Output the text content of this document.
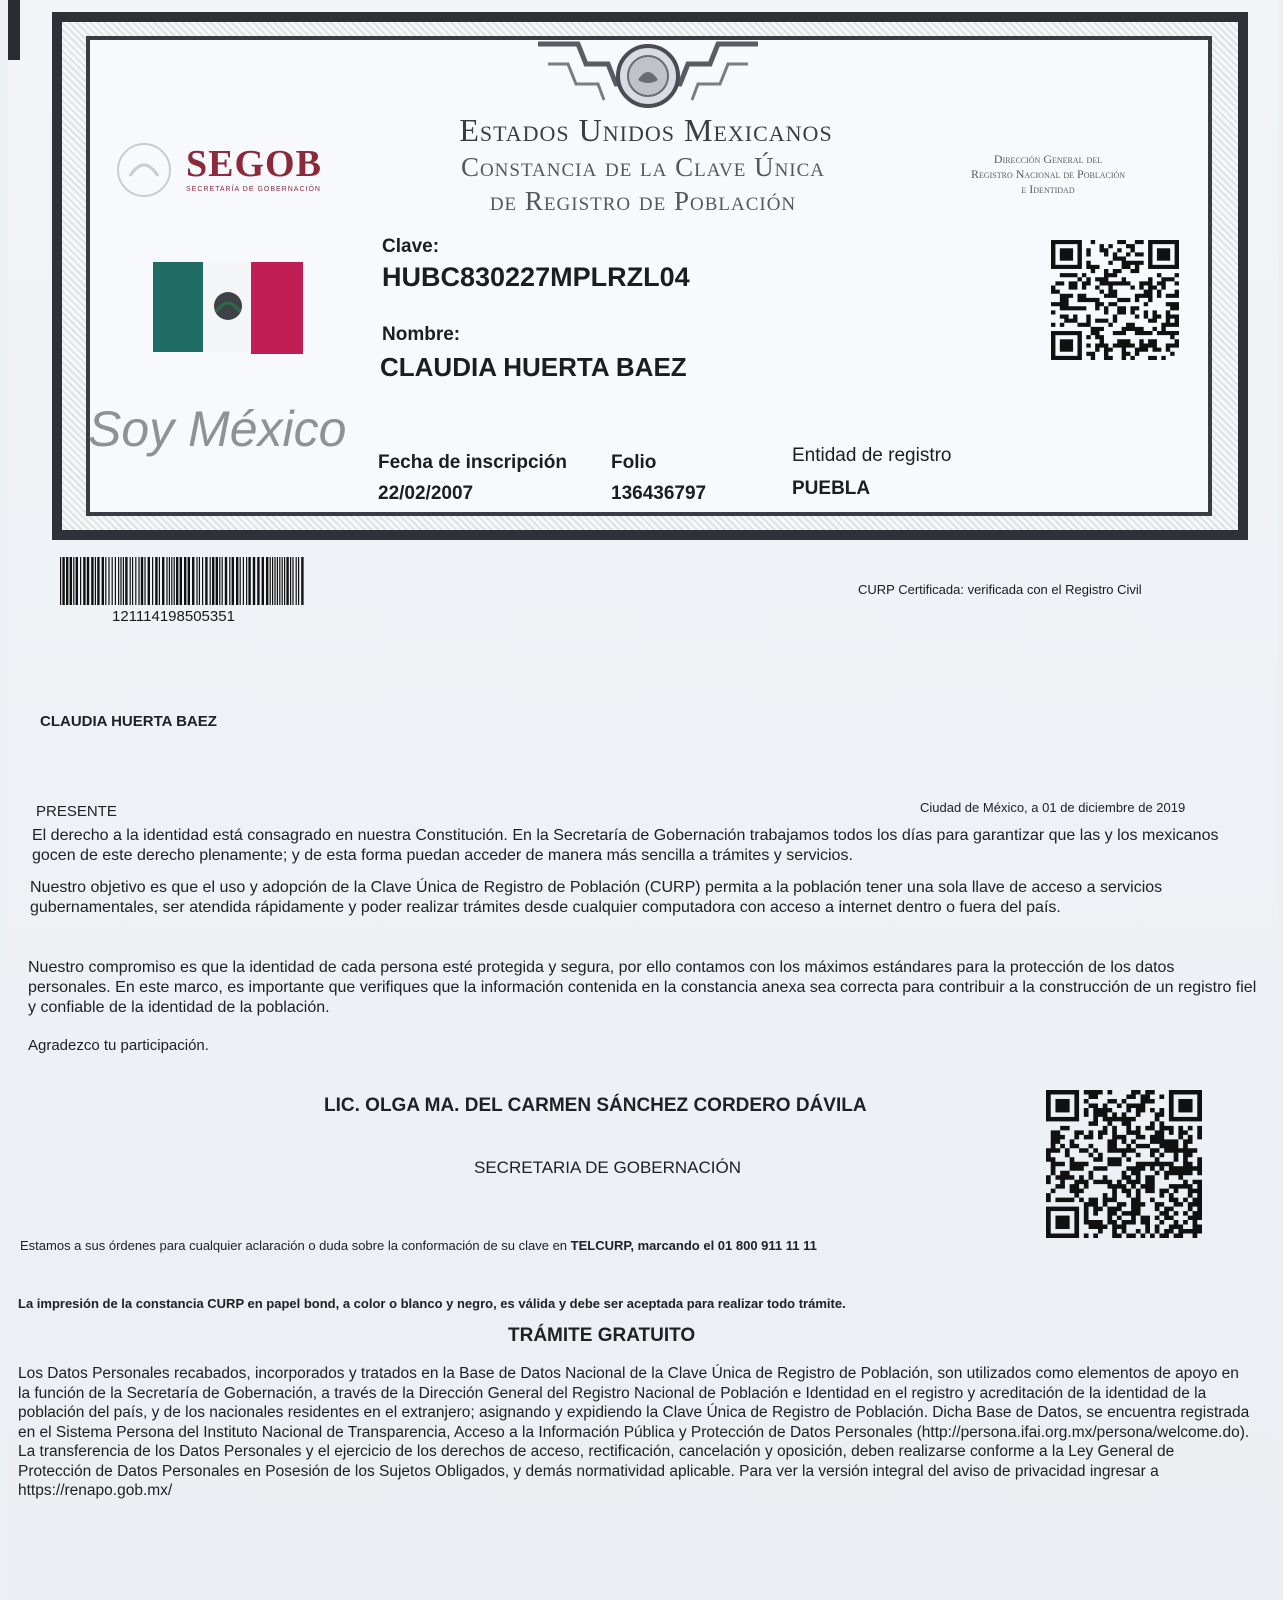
Estados Unidos Mexicanos
Constancia de la Clave Única
de Registro de Población
SEGOB
SECRETARÍA DE GOBERNACIÓN
Dirección General del
Registro Nacional de Población
e Identidad
Soy México
Clave:
HUBC830227MPLRZL04
Nombre:
CLAUDIA HUERTA BAEZ
Fecha de inscripción
22/02/2007
Folio
136436797
Entidad de registro
PUEBLA
121114198505351
CURP Certificada: verificada con el Registro Civil
CLAUDIA HUERTA BAEZ
PRESENTE	Ciudad de México, a 01 de diciembre de 2019
El derecho a la identidad está consagrado en nuestra Constitución. En la Secretaría de Gobernación trabajamos todos los días para garantizar que las y los mexicanos gocen de este derecho plenamente; y de esta forma puedan acceder de manera más sencilla a trámites y servicios.
Nuestro objetivo es que el uso y adopción de la Clave Única de Registro de Población (CURP) permita a la población tener una sola llave de acceso a servicios gubernamentales, ser atendida rápidamente y poder realizar trámites desde cualquier computadora con acceso a internet dentro o fuera del país.
Nuestro compromiso es que la identidad de cada persona esté protegida y segura, por ello contamos con los máximos estándares para la protección de los datos personales. En este marco, es importante que verifiques que la información contenida en la constancia anexa sea correcta para contribuir a la construcción de un registro fiel y confiable de la identidad de la población.
Agradezco tu participación.
LIC. OLGA MA. DEL CARMEN SÁNCHEZ CORDERO DÁVILA
SECRETARIA DE GOBERNACIÓN
Estamos a sus órdenes para cualquier aclaración o duda sobre la conformación de su clave en TELCURP, marcando el 01 800 911 11 11
La impresión de la constancia CURP en papel bond, a color o blanco y negro, es válida y debe ser aceptada para realizar todo trámite.
TRÁMITE GRATUITO
Los Datos Personales recabados, incorporados y tratados en la Base de Datos Nacional de la Clave Única de Registro de Población, son utilizados como elementos de apoyo en la función de la Secretaría de Gobernación, a través de la Dirección General del Registro Nacional de Población e Identidad en el registro y acreditación de la identidad de la población del país, y de los nacionales residentes en el extranjero; asignando y expidiendo la Clave Única de Registro de Población. Dicha Base de Datos, se encuentra registrada en el Sistema Persona del Instituto Nacional de Transparencia, Acceso a la Información Pública y Protección de Datos Personales (http://persona.ifai.org.mx/persona/welcome.do). La transferencia de los Datos Personales y el ejercicio de los derechos de acceso, rectificación, cancelación y oposición, deben realizarse conforme a la Ley General de Protección de Datos Personales en Posesión de los Sujetos Obligados, y demás normatividad aplicable. Para ver la versión integral del aviso de privacidad ingresar a https://renapo.gob.mx/
